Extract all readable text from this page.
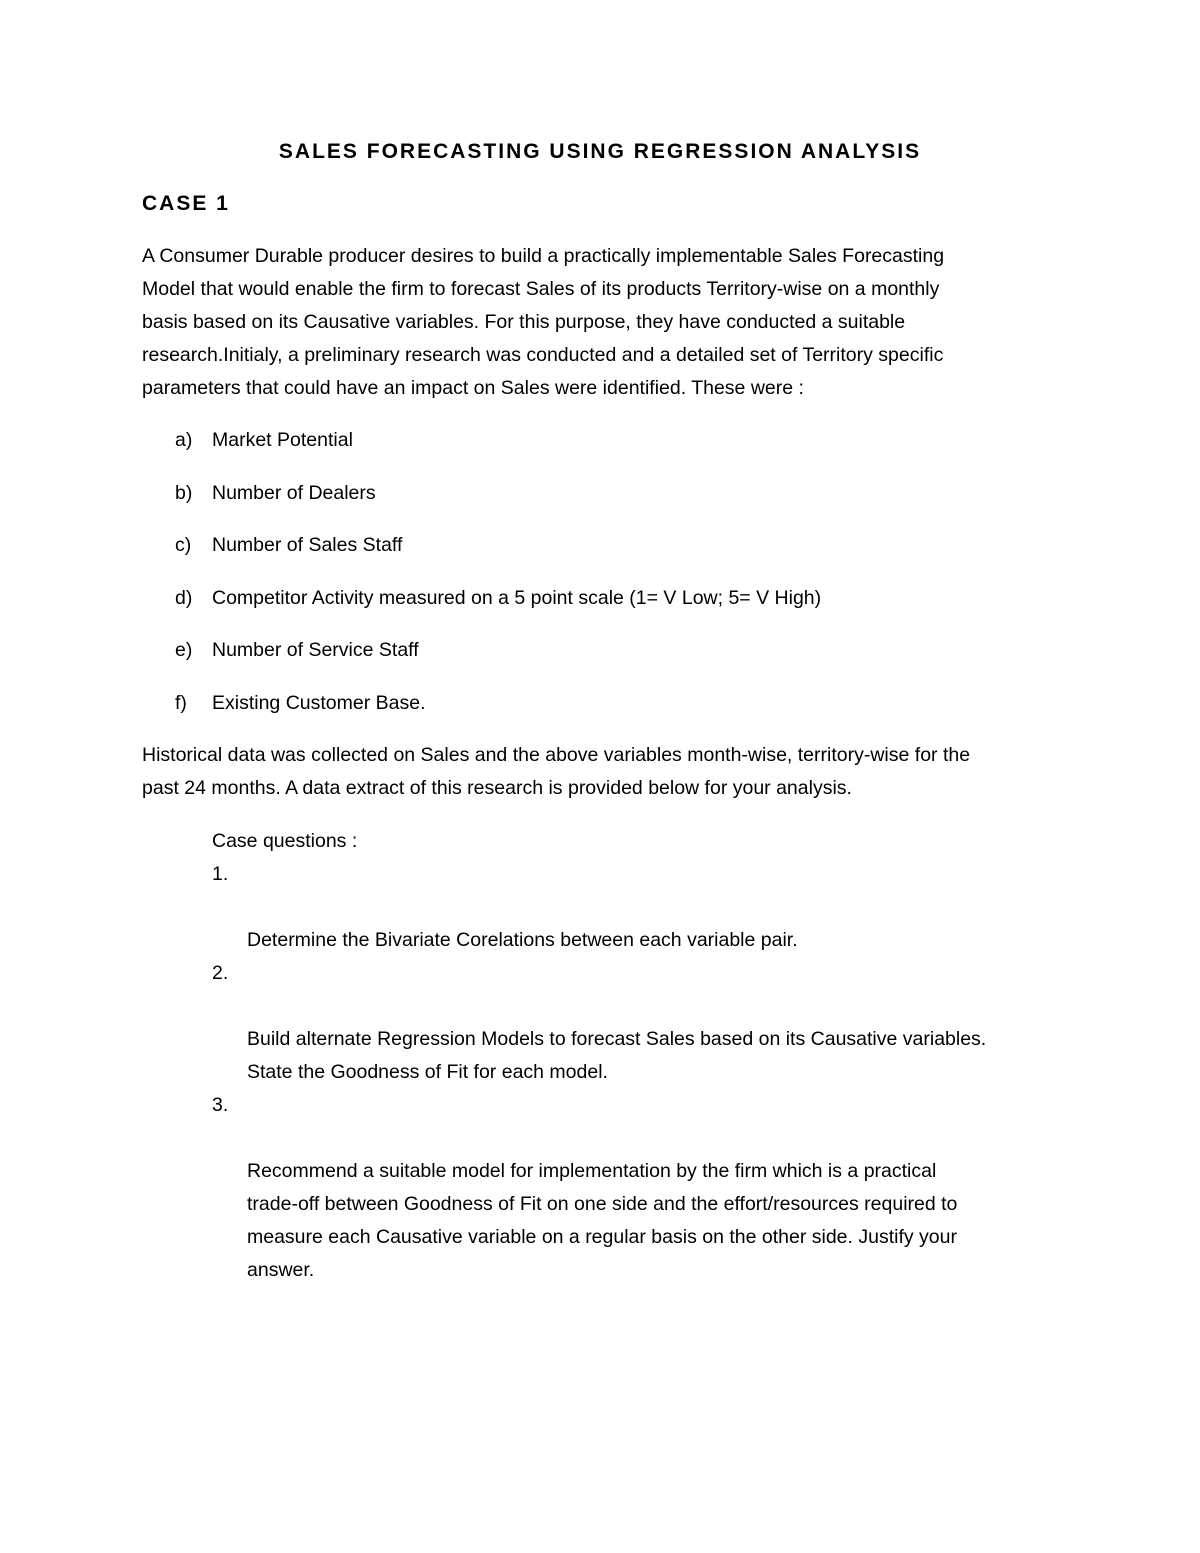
SALES FORECASTING USING REGRESSION ANALYSIS
CASE 1

A Consumer Durable producer desires to build a practically implementable Sales Forecasting
Model that would enable the firm to forecast Sales of its products Territory-wise on a monthly
basis based on its Causative variables. For this purpose, they have conducted a suitable
research.Initialy, a preliminary research was conducted and a detailed set of Territory specific
parameters that could have an impact on Sales were identified. These were :

a) Market Potential
b) Number of Dealers
c) Number of Sales Staff
d) Competitor Activity measured on a 5 point scale (1= V Low; 5= V High)
e) Number of Service Staff
f) Existing Customer Base.

Historical data was collected on Sales and the above variables month-wise, territory-wise for the
past 24 months. A data extract of this research is provided below for your analysis.

Case questions :

1.

Determine the Bivariate Corelations between each variable pair.

2.

Build alternate Regression Models to forecast Sales based on its Causative variables.
State the Goodness of Fit for each model.

3.

Recommend a suitable model for implementation by the firm which is a practical
trade-off between Goodness of Fit on one side and the effort/resources required to
measure each Causative variable on a regular basis on the other side. Justify your
answer.
